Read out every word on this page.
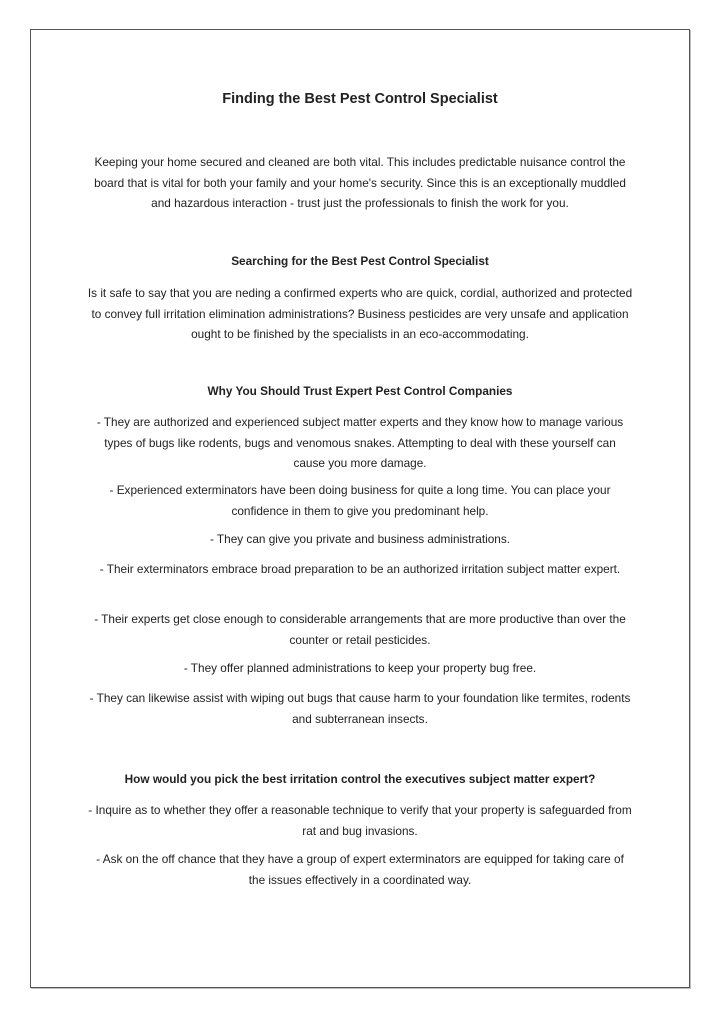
Finding the Best Pest Control Specialist
Keeping your home secured and cleaned are both vital. This includes predictable nuisance control the board that is vital for both your family and your home's security. Since this is an exceptionally muddled and hazardous interaction - trust just the professionals to finish the work for you.
Searching for the Best Pest Control Specialist
Is it safe to say that you are neding a confirmed experts who are quick, cordial, authorized and protected to convey full irritation elimination administrations? Business pesticides are very unsafe and application ought to be finished by the specialists in an eco-accommodating.
Why You Should Trust Expert Pest Control Companies
- They are authorized and experienced subject matter experts and they know how to manage various types of bugs like rodents, bugs and venomous snakes. Attempting to deal with these yourself can cause you more damage.
- Experienced exterminators have been doing business for quite a long time. You can place your confidence in them to give you predominant help.
- They can give you private and business administrations.
- Their exterminators embrace broad preparation to be an authorized irritation subject matter expert.
- Their experts get close enough to considerable arrangements that are more productive than over the counter or retail pesticides.
- They offer planned administrations to keep your property bug free.
- They can likewise assist with wiping out bugs that cause harm to your foundation like termites, rodents and subterranean insects.
How would you pick the best irritation control the executives subject matter expert?
- Inquire as to whether they offer a reasonable technique to verify that your property is safeguarded from rat and bug invasions.
- Ask on the off chance that they have a group of expert exterminators are equipped for taking care of the issues effectively in a coordinated way.
